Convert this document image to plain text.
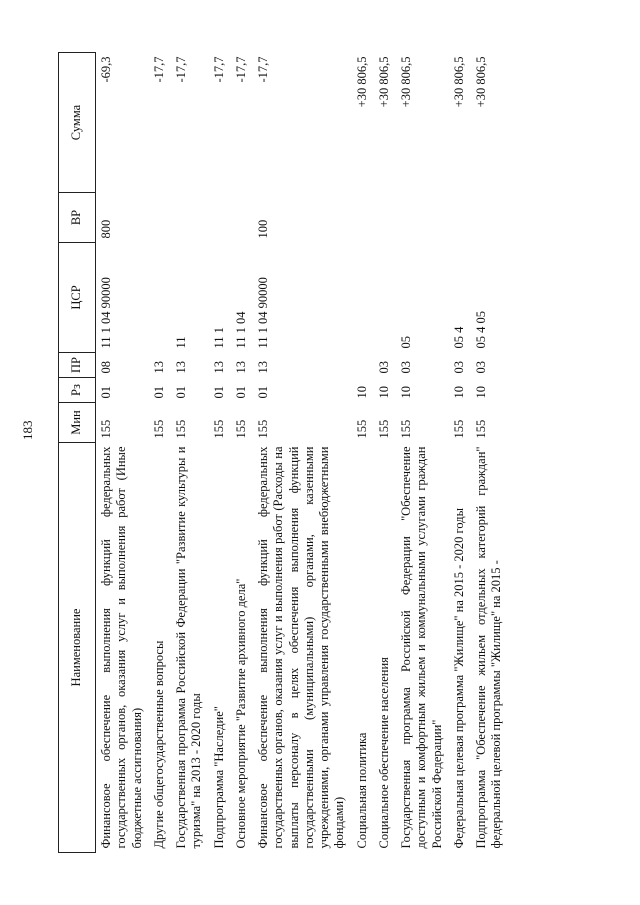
183
Наименование	Мин	Рз	ПР	ЦСР	ВР	Сумма
Финансовое обеспечение выполнения функций федеральных государственных органов, оказания услуг и выполнения работ (Иные бюджетные ассигнования)	155	01	08	11 1 04 90000	800	-69,3
Другие общегосударственные вопросы	155	01	13			-17,7
Государственная программа Российской Федерации "Развитие культуры и туризма" на 2013 - 2020 годы	155	01	13	11		-17,7
Подпрограмма "Наследие"	155	01	13	11 1		-17,7
Основное мероприятие "Развитие архивного дела"	155	01	13	11 1 04		-17,7
Финансовое обеспечение выполнения функций федеральных государственных органов, оказания услуг и выполнения работ (Расходы на выплаты персоналу в целях обеспечения выполнения функций государственными (муниципальными) органами, казенными учреждениями, органами управления государственными внебюджетными фондами)	155	01	13	11 1 04 90000	100	-17,7
Социальная политика	155	10				+30 806,5
Социальное обеспечение населения	155	10	03			+30 806,5
Государственная программа Российской Федерации "Обеспечение доступным и комфортным жильем и коммунальными услугами граждан Российской Федерации"	155	10	03	05		+30 806,5
Федеральная целевая программа "Жилище" на 2015 - 2020 годы	155	10	03	05 4		+30 806,5
Подпрограмма "Обеспечение жильем отдельных категорий граждан" федеральной целевой программы "Жилище" на 2015 -	155	10	03	05 4 05		+30 806,5
